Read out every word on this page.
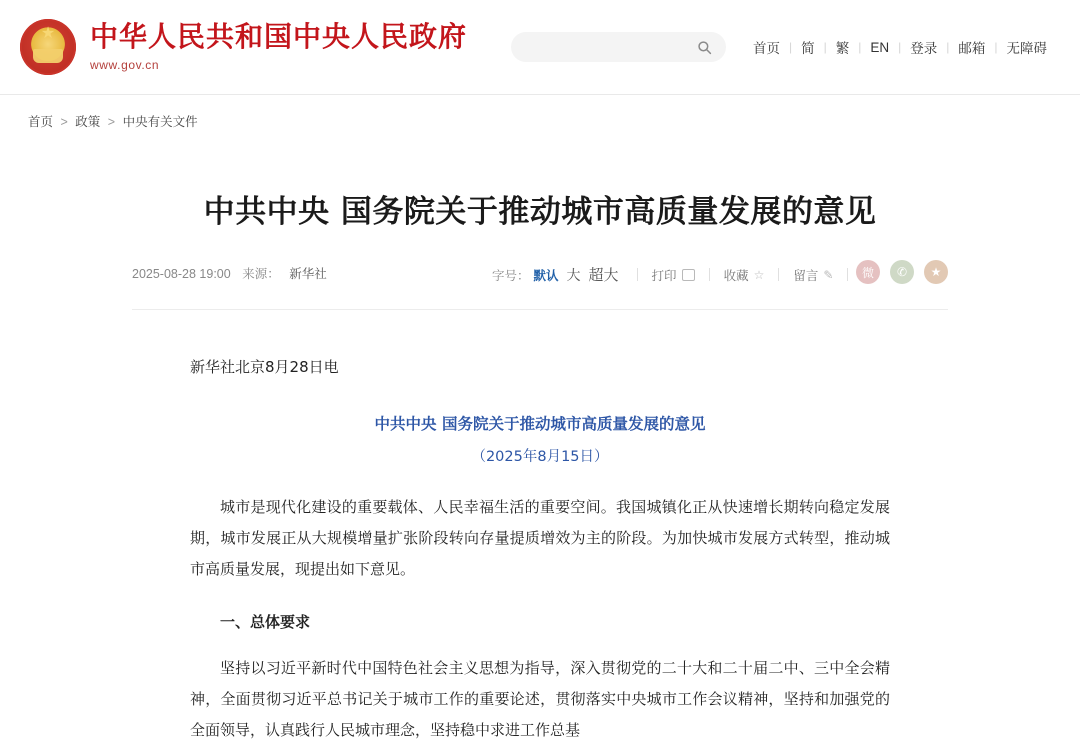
★
中华人民共和国中央人民政府
www.gov.cn
首页 | 简 | 繁 | EN | 登录 | 邮箱 | 无障碍
首页 > 政策 > 中央有关文件
中共中央 国务院关于推动城市高质量发展的意见
2025-08-28 19:00 来源： 新华社	字号： 默认 大 超大	打印	收藏 ☆ 留言 ✎	微	✆	★
新华社北京8月28日电
中共中央 国务院关于推动城市高质量发展的意见
（2025年8月15日）

城市是现代化建设的重要载体、人民幸福生活的重要空间。我国城镇化正从快速增长期转向稳定发展期，城市发展正从大规模增量扩张阶段转向存量提质增效为主的阶段。为加快城市发展方式转型，推动城市高质量发展，现提出如下意见。

一、总体要求

坚持以习近平新时代中国特色社会主义思想为指导，深入贯彻党的二十大和二十届二中、三中全会精神，全面贯彻习近平总书记关于城市工作的重要论述，贯彻落实中央城市工作会议精神，坚持和加强党的全面领导，认真践行人民城市理念，坚持稳中求进工作总基
